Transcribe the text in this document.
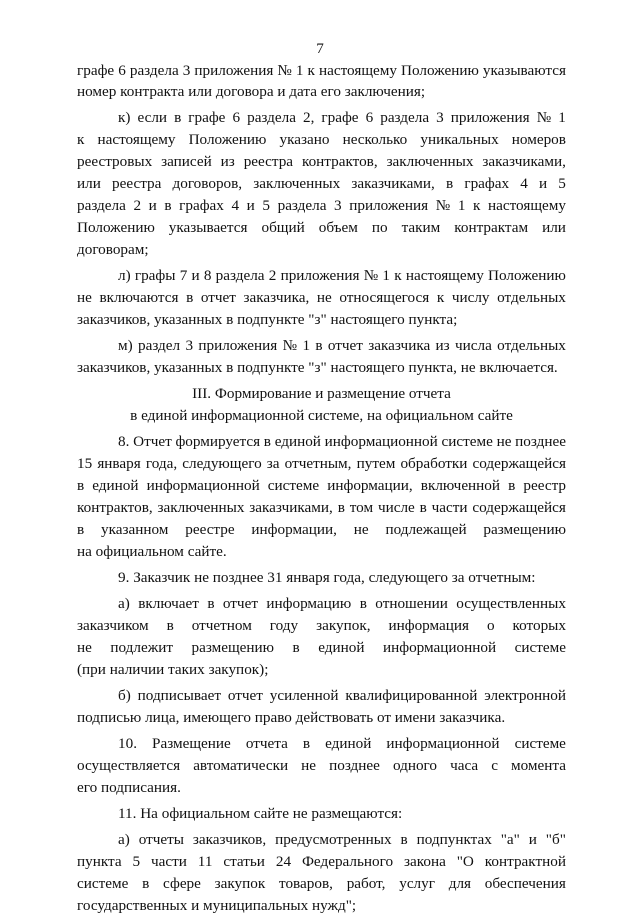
7
графе 6 раздела 3 приложения № 1 к настоящему Положению указываются
номер контракта или договора и дата его заключения;
к) если в графе 6 раздела 2, графе 6 раздела 3 приложения № 1
к настоящему Положению указано несколько уникальных номеров
реестровых записей из реестра контрактов, заключенных заказчиками,
или реестра договоров, заключенных заказчиками, в графах 4 и 5
раздела 2 и в графах 4 и 5 раздела 3 приложения № 1 к настоящему
Положению указывается общий объем по таким контрактам или
договорам;
л) графы 7 и 8 раздела 2 приложения № 1 к настоящему Положению
не включаются в отчет заказчика, не относящегося к числу отдельных
заказчиков, указанных в подпункте "з" настоящего пункта;
м) раздел 3 приложения № 1 в отчет заказчика из числа отдельных
заказчиков, указанных в подпункте "з" настоящего пункта, не включается.
III. Формирование и размещение отчета
в единой информационной системе, на официальном сайте
8. Отчет формируется в единой информационной системе не позднее
15 января года, следующего за отчетным, путем обработки содержащейся
в единой информационной системе информации, включенной в реестр
контрактов, заключенных заказчиками, в том числе в части содержащейся
в указанном реестре информации, не подлежащей размещению
на официальном сайте.
9. Заказчик не позднее 31 января года, следующего за отчетным:
а) включает в отчет информацию в отношении осуществленных
заказчиком в отчетном году закупок, информация о которых
не подлежит размещению в единой информационной системе
(при наличии таких закупок);
б) подписывает отчет усиленной квалифицированной электронной
подписью лица, имеющего право действовать от имени заказчика.
10. Размещение отчета в единой информационной системе
осуществляется автоматически не позднее одного часа с момента
его подписания.
11. На официальном сайте не размещаются:
а) отчеты заказчиков, предусмотренных в подпунктах "а" и "б"
пункта 5 части 11 статьи 24 Федерального закона "О контрактной
системе в сфере закупок товаров, работ, услуг для обеспечения
государственных и муниципальных нужд";
